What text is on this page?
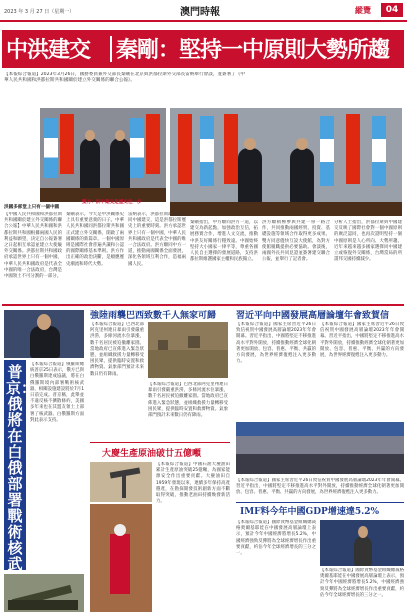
2023 年 3 月 27 日（星期一）	澳門時報	縱覽	04
中洪建交 秦剛：堅持一中原則大勢所趨
【本報綜合報道】2023年3月26日，國務委員兼外交部長秦剛在北京與洪都拉斯外交部長雷納舉行會談，並簽署了《中華人民共和國和洪都拉斯共和國關於建立外交關係的聯合公報》。
洪國多部堂上只有一個中國
【中國人民共和國和洪都拉斯共和國關於建立外交關係的聯合公報】中華人民共和國和洪都拉斯共和國根據兩國人民的利益和願望，決定自公報簽署之日起相互承認並建立大使級外交關係。洪都拉斯共和國政府承認世界上只有一個中國，中華人民共和國政府是代表全中國的唯一合法政府，台灣是中國領土不可分割的一部分。
秦剛表示，今天是中洪關係史上具有重要意義的日子。中華人民共和國同洪都拉斯共和國正式建立外交關係，開啟了兩國關係的新篇章。一個中國原則是國際社會普遍共識和公認的國際關係基本準則。洪方作出正確的政治決斷，是順應歷史潮流和時代大勢。
雙方：洪中建交是歷史性一步
雷納表示，洪都拉斯政府決定同中國建交，這是洪都拉斯歷史上的重要時刻。洪方承認世界上只有一個中國，中華人民共和國政府是代表全中國的唯一合法政府。洪方願同中方一道，推動兩國關係全面發展，深化各領域互利合作，造福兩國人民。
秦剛指出，中方願同洪方一道，以建交為新起點，加強政治互信，拓展務實合作，增進人文交流，推動中洪友好關係行穩致遠。中國始終堅持大小國家一律平等，尊重各國人民自主選擇的發展道路，支持洪都拉斯維護國家主權和民族獨立。
洪方願積極參與共建一帶一路合作，共同推動兩國經貿、投資、基礎設施等領域合作取得更多成果。雙方同意儘快互設大使館，為對方使館履職提供必要協助。會談後，兩國外長共同見證並簽署建交聯合公報，並舉行了記者會。
分析人士指出，洪都拉斯與中國建交反映了國際社會對一個中國原則的廣泛認同，也再次證明堅持一個中國原則是人心所向、大勢所趨。近年來越來越多國家選擇同中國建立或恢復外交關係，台灣當局的所謂邦交國持續減少。
普京：俄將在白俄部署戰術核武
【本報綜合報道】俄羅斯總統普京25日表示，俄方已與白俄羅斯達成協議，將在白俄羅斯境內部署戰術核武器，相關設施建設將於7月1日前完成。普京稱，此舉並不違反核不擴散條約，美國多年來也在其盟友領土上部署了核武器。白俄羅斯方面對此表示支持。
強陸雨襲巴西致數千人無家可歸
【本報綜合報道】巴西北部阿克里州連日暴雨引發嚴重洪澇，多條河流水位暴漲，數千名居民被迫撤離家園。當地政府已宣佈進入緊急狀態，並組織救援力量轉移受困民眾，提供臨時安置和救濟物資。氣象部門預計未來數日仍有降雨。
【本報綜合報道】巴西北部阿克里州連日暴雨引發嚴重洪澇，多條河流水位暴漲，數千名居民被迫撤離家園。當地政府已宣佈進入緊急狀態，並組織救援力量轉移受困民眾，提供臨時安置和救濟物資。氣象部門預計未來數日仍有降雨。
大慶生產原油破廿五億噸
【本報綜合報道】中國石油大慶油田累計生產原油突破25億噸，為國家能源安全作出重要貢獻。大慶油田自1959年發現以來，連續多年保持高產穩產，在勘探開發技術創新方面不斷取得突破，推動老油田持續煥發新活力。
習近平向中國發展高層論壇年會致賀信
【本報綜合報道】國家主席習近平26日致信祝賀中國發展高層論壇2023年年會開幕。習近平指出，中國將堅定不移推進高水平對外開放，持續推動經濟全球化朝著更加開放、包容、普惠、平衡、共贏的方向發展，為世界經濟復甦注入更多動力。
【本報綜合報道】國家主席習近平26日致信祝賀中國發展高層論壇2023年年會開幕。習近平指出，中國將堅定不移推進高水平對外開放，持續推動經濟全球化朝著更加開放、包容、普惠、平衡、共贏的方向發展，為世界經濟復甦注入更多動力。
【本報綜合報道】國家主席習近平26日致信祝賀中國發展高層論壇2023年年會開幕。習近平指出，中國將堅定不移推進高水平對外開放，持續推動經濟全球化朝著更加開放、包容、普惠、平衡、共贏的方向發展，為世界經濟復甦注入更多動力。
IMF料今年中國GDP增速達5.2%
【本報綜合報道】國際貨幣基金組織總裁格奧爾基耶娃在中國發展高層論壇上表示，預計今年中國經濟將增長5.2%，中國經濟強勁反彈將為全球經濟增長作出重要貢獻，約佔今年全球經濟增長的三分之一。
【本報綜合報道】國際貨幣基金組織總裁格奧爾基耶娃在中國發展高層論壇上表示，預計今年中國經濟將增長5.2%，中國經濟強勁反彈將為全球經濟增長作出重要貢獻，約佔今年全球經濟增長的三分之一。
